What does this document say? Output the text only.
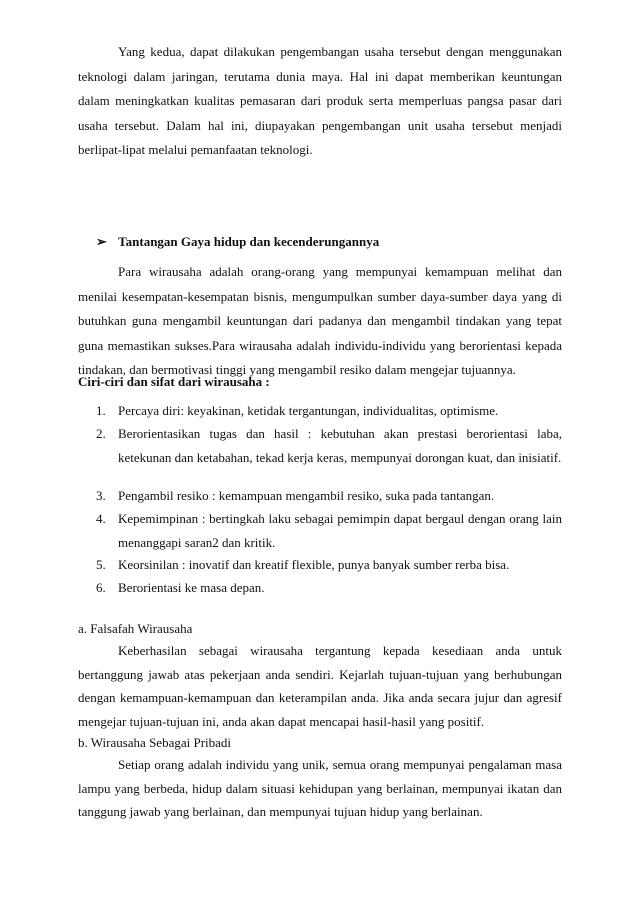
Yang kedua, dapat dilakukan pengembangan usaha tersebut dengan menggunakan teknologi dalam jaringan, terutama dunia maya. Hal ini dapat memberikan keuntungan dalam meningkatkan kualitas pemasaran dari produk serta memperluas pangsa pasar dari usaha tersebut. Dalam hal ini, diupayakan pengembangan unit usaha tersebut menjadi berlipat-lipat melalui pemanfaatan teknologi.

➢ Tantangan Gaya hidup dan kecenderungannya

Para wirausaha adalah orang-orang yang mempunyai kemampuan melihat dan menilai kesempatan-kesempatan bisnis, mengumpulkan sumber daya-sumber daya yang di butuhkan guna mengambil keuntungan dari padanya dan mengambil tindakan yang tepat guna memastikan sukses.Para wirausaha adalah individu-individu yang berorientasi kepada tindakan, dan bermotivasi tinggi yang mengambil resiko dalam mengejar tujuannya.

Ciri-ciri dan sifat dari wirausaha :
1. Percaya diri: keyakinan, ketidak tergantungan, individualitas, optimisme.
2. Berorientasikan tugas dan hasil : kebutuhan akan prestasi berorientasi laba, ketekunan dan ketabahan, tekad kerja keras, mempunyai dorongan kuat, dan inisiatif.
3. Pengambil resiko : kemampuan mengambil resiko, suka pada tantangan.
4. Kepemimpinan : bertingkah laku sebagai pemimpin dapat bergaul dengan orang lain menanggapi saran2 dan kritik.
5. Keorsinilan : inovatif dan kreatif flexible, punya banyak sumber rerba bisa.
6. Berorientasi ke masa depan.
a. Falsafah Wirausaha

Keberhasilan sebagai wirausaha tergantung kepada kesediaan anda untuk bertanggung jawab atas pekerjaan anda sendiri. Kejarlah tujuan-tujuan yang berhubungan dengan kemampuan-kemampuan dan keterampilan anda. Jika anda secara jujur dan agresif mengejar tujuan-tujuan ini, anda akan dapat mencapai hasil-hasil yang positif.

b. Wirausaha Sebagai Pribadi

Setiap orang adalah individu yang unik, semua orang mempunyai pengalaman masa lampu yang berbeda, hidup dalam situasi kehidupan yang berlainan, mempunyai ikatan dan tanggung jawab yang berlainan, dan mempunyai tujuan hidup yang berlainan.
